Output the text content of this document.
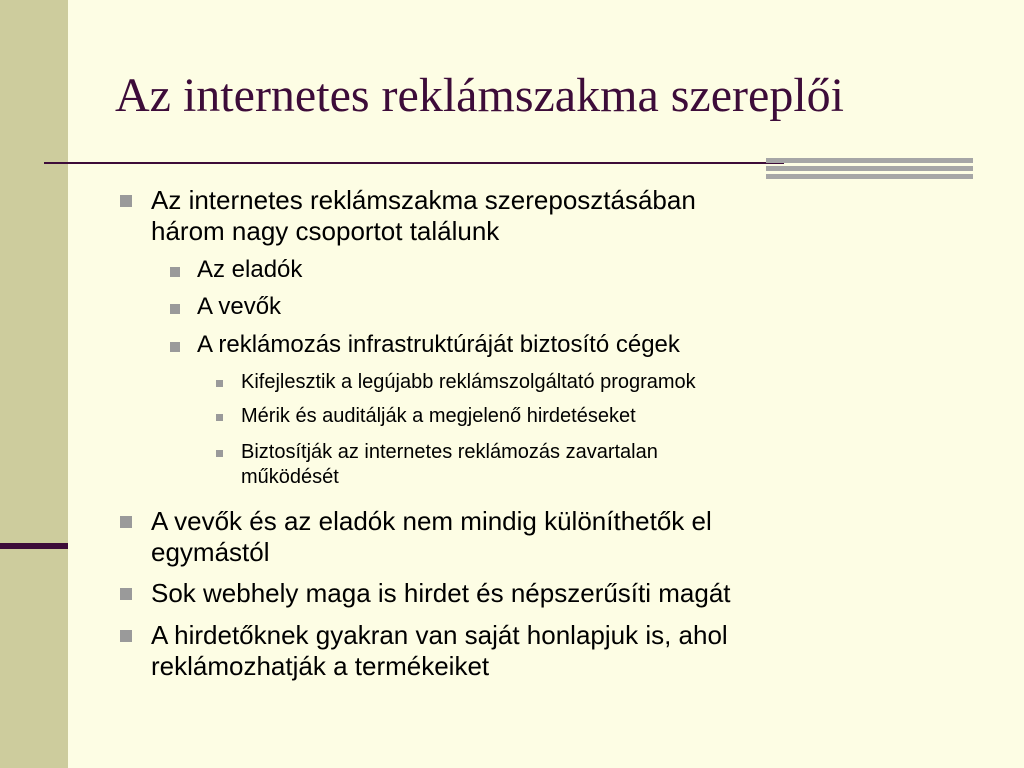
Az internetes reklámszakma szereplői
Az internetes reklámszakma szereposztásában
három nagy csoportot találunk
Az eladók
A vevők
A reklámozás infrastruktúráját biztosító cégek
Kifejlesztik a legújabb reklámszolgáltató programok
Mérik és auditálják a megjelenő hirdetéseket
Biztosítják az internetes reklámozás zavartalan
működését
A vevők és az eladók nem mindig különíthetők el
egymástól
Sok webhely maga is hirdet és népszerűsíti magát
A hirdetőknek gyakran van saját honlapjuk is, ahol
reklámozhatják a termékeiket
